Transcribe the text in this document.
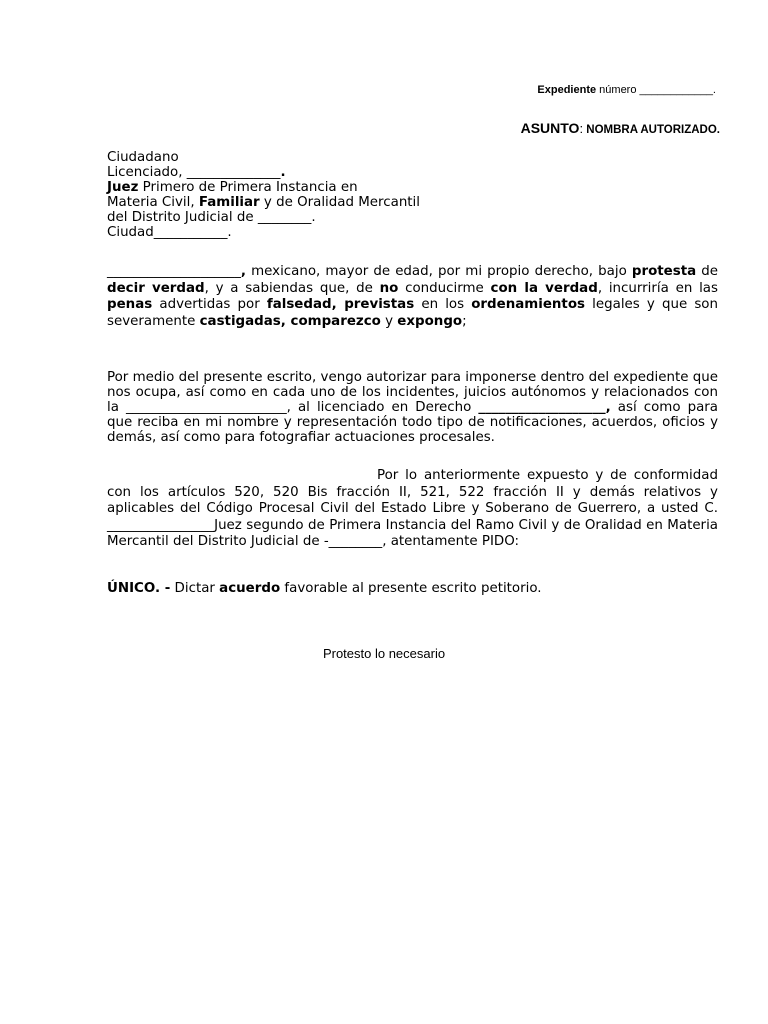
Expediente número ____________.
ASUNTO: NOMBRA AUTORIZADO.
Ciudadano
Licenciado, ______________.
Juez Primero de Primera Instancia en
Materia Civil, Familiar y de Oralidad Mercantil
del Distrito Judicial de ________.
Ciudad___________.
____________________, mexicano, mayor de edad, por mi propio derecho, bajo protesta de decir verdad, y a sabiendas que, de no conducirme con la verdad, incurriría en las penas advertidas por falsedad, previstas en los ordenamientos legales y que son severamente castigadas, comparezco y expongo;
Por medio del presente escrito, vengo autorizar para imponerse dentro del expediente que nos ocupa, así como en cada uno de los incidentes, juicios autónomos y relacionados con la ________________________, al licenciado en Derecho ___________________, así como para que reciba en mi nombre y representación todo tipo de notificaciones, acuerdos, oficios y demás, así como para fotografiar actuaciones procesales.
Por lo anteriormente expuesto y de conformidad con los artículos 520, 520 Bis fracción II, 521, 522 fracción II y demás relativos y aplicables del Código Procesal Civil del Estado Libre y Soberano de Guerrero, a usted C. ________________Juez segundo de Primera Instancia del Ramo Civil y de Oralidad en Materia Mercantil del Distrito Judicial de -________, atentamente PIDO:
ÚNICO. - Dictar acuerdo favorable al presente escrito petitorio.
Protesto lo necesario
